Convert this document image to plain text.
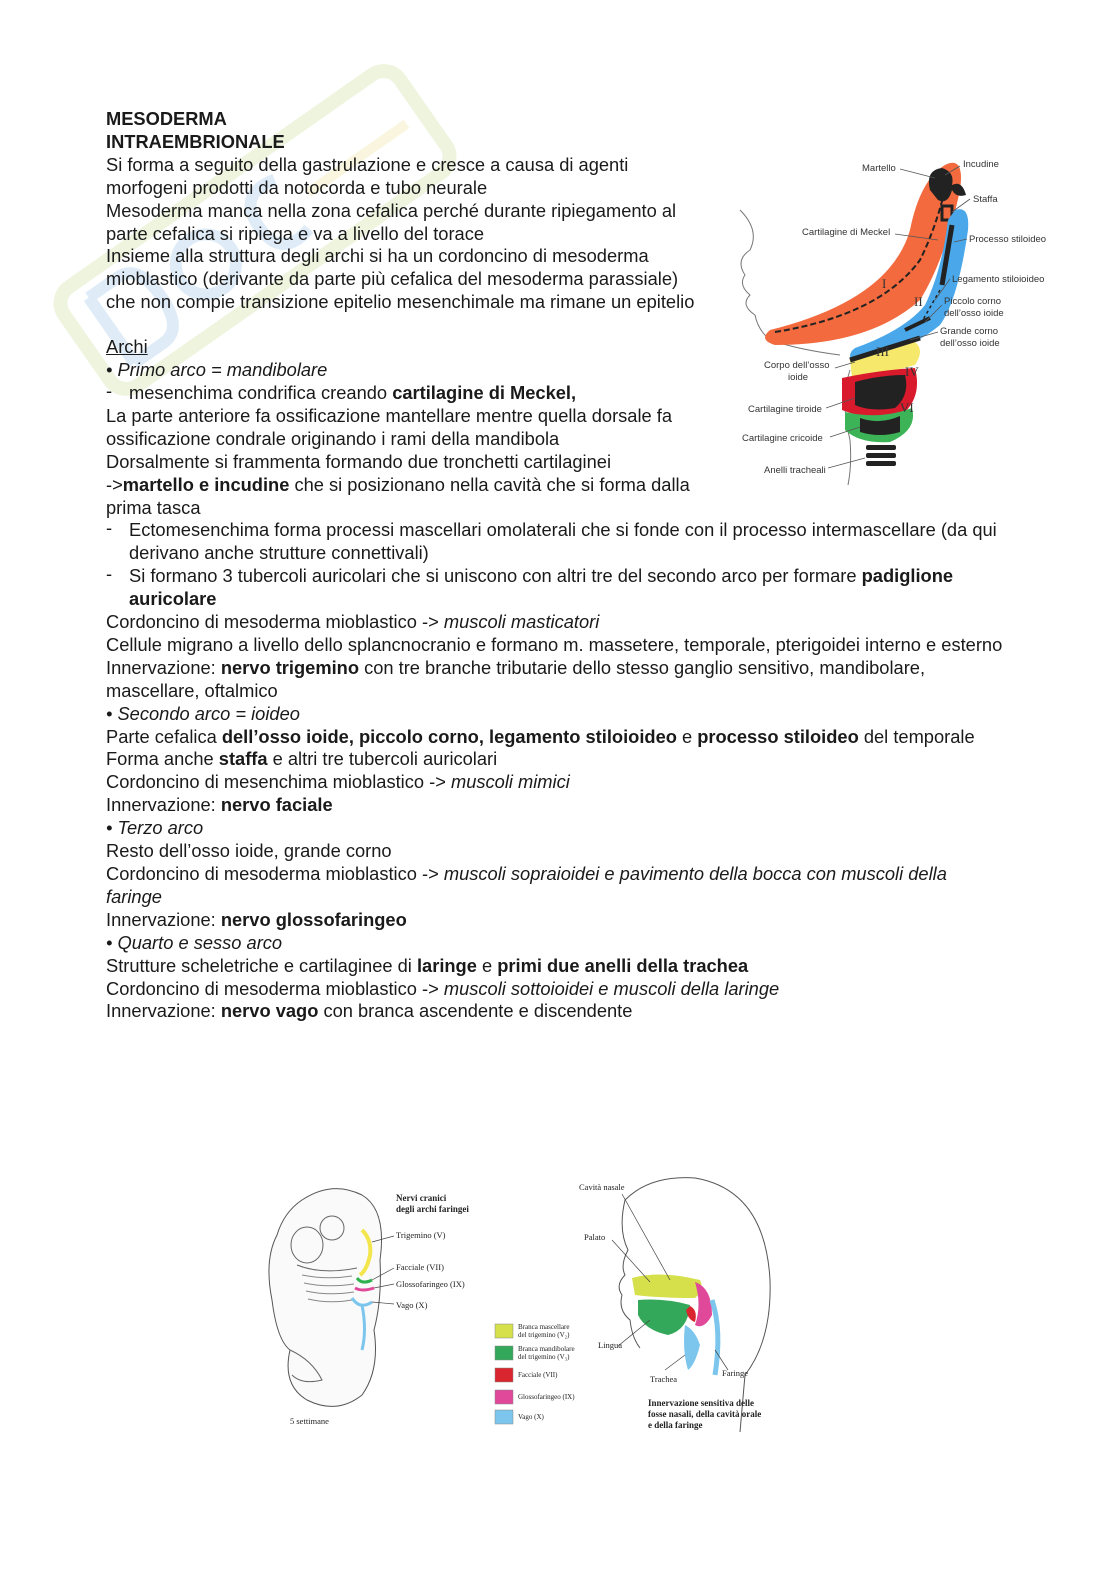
MESODERMA

INTRAEMBRIONALE

Si forma a seguito della gastrulazione e cresce a causa di agenti morfogeni prodotti da notocorda e tubo neurale

Mesoderma manca nella zona cefalica perché durante ripiegamento al parte cefalica si ripiega e va a livello del torace

Insieme alla struttura degli archi si ha un cordoncino di mesoderma mioblastico (derivante da parte più cefalica del mesoderma parassiale) che non compie transizione epitelio mesenchimale ma rimane un epitelio

Archi

• Primo arco = mandibolare

- mesenchima condrifica creando cartilagine di Meckel,

La parte anteriore fa ossificazione mantellare mentre quella dorsale fa ossificazione condrale originando i rami della mandibola

Dorsalmente si frammenta formando due tronchetti cartilaginei

->martello e incudine che si posizionano nella cavità che si forma dalla prima tasca

- Ectomesenchima forma processi mascellari omolaterali che si fonde con il processo intermascellare (da qui derivano anche strutture connettivali)

- Si formano 3 tubercoli auricolari che si uniscono con altri tre del secondo arco per formare padiglione auricolare

Cordoncino di mesoderma mioblastico -> muscoli masticatori

Cellule migrano a livello dello splancnocranio e formano m. massetere, temporale, pterigoidei interno e esterno

Innervazione: nervo trigemino con tre branche tributarie dello stesso ganglio sensitivo, mandibolare, mascellare, oftalmico

• Secondo arco = ioideo

Parte cefalica dell’osso ioide, piccolo corno, legamento stiloioideo e processo stiloideo del temporale

Forma anche staffa e altri tre tubercoli auricolari

Cordoncino di mesenchima mioblastico -> muscoli mimici

Innervazione: nervo faciale

• Terzo arco

Resto dell’osso ioide, grande corno

Cordoncino di mesoderma mioblastico -> muscoli sopraioidei e pavimento della bocca con muscoli della faringe

Innervazione: nervo glossofaringeo

• Quarto e sesso arco

Strutture scheletriche e cartilaginee di laringe e primi due anelli della trachea

Cordoncino di mesoderma mioblastico -> muscoli sottoioidei e muscoli della laringe

Innervazione: nervo vago con branca ascendente e discendente

I
II
III
IV
VI
Martello	Incudine
Staffa
Cartilagine di Meckel
Processo stiloideo
Legamento stiloioideo
Piccolo corno
dell’osso ioide
Grande corno
dell’osso ioide
Corpo dell’osso
ioide
Cartilagine tiroide
Cartilagine cricoide
Anelli tracheali
Nervi cranici
degli archi faringei
Trigemino (V)
Facciale (VII)
Glossofaringeo (IX)
Vago (X)
5 settimane
Cavità nasale
Palato
Lingua
Trachea
Faringe
Branca mascellare
del trigemino (V₂)
Branca mandibolare
del trigemino (V₃)
Facciale (VII)
Glossofaringeo (IX)
Vago (X)
Innervazione sensitiva delle
fosse nasali, della cavità orale
e della faringe
